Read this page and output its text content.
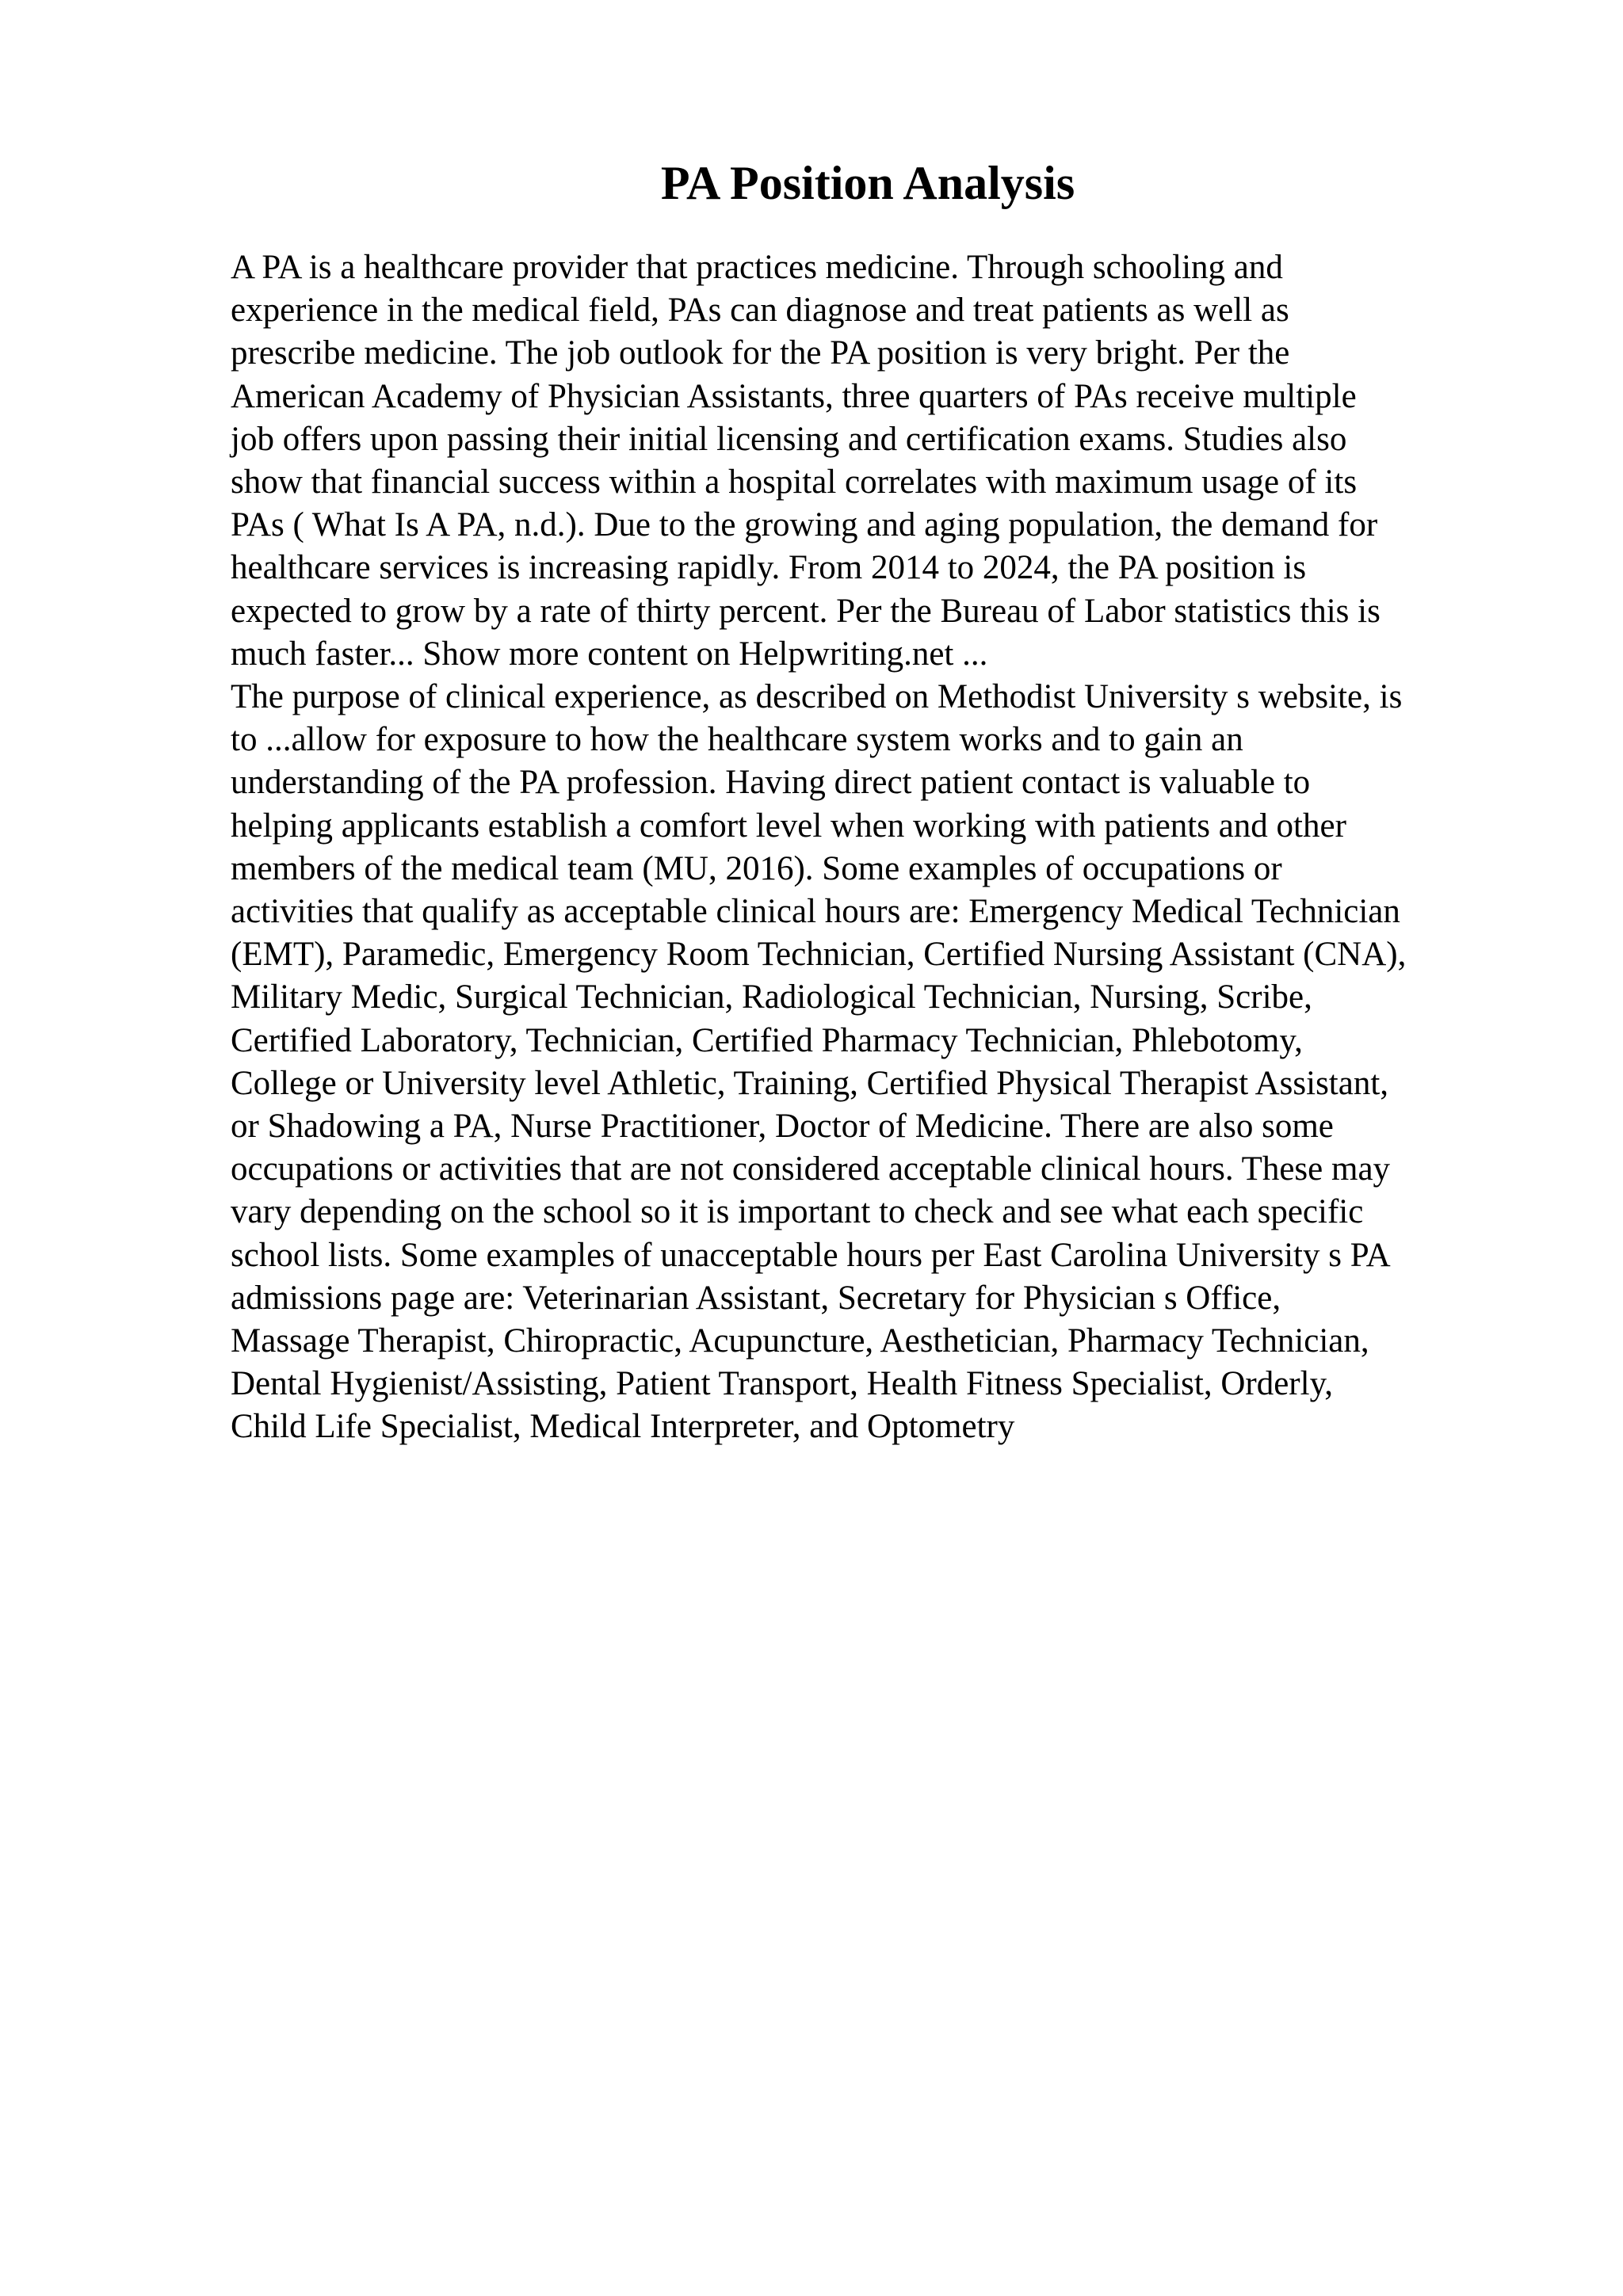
PA Position Analysis
A PA is a healthcare provider that practices medicine. Through schooling and
experience in the medical field, PAs can diagnose and treat patients as well as
prescribe medicine. The job outlook for the PA position is very bright. Per the
American Academy of Physician Assistants, three quarters of PAs receive multiple
job offers upon passing their initial licensing and certification exams. Studies also
show that financial success within a hospital correlates with maximum usage of its
PAs ( What Is A PA, n.d.). Due to the growing and aging population, the demand for
healthcare services is increasing rapidly. From 2014 to 2024, the PA position is
expected to grow by a rate of thirty percent. Per the Bureau of Labor statistics this is
much faster... Show more content on Helpwriting.net ...
The purpose of clinical experience, as described on Methodist University s website, is
to ...allow for exposure to how the healthcare system works and to gain an
understanding of the PA profession. Having direct patient contact is valuable to
helping applicants establish a comfort level when working with patients and other
members of the medical team (MU, 2016). Some examples of occupations or
activities that qualify as acceptable clinical hours are: Emergency Medical Technician
(EMT), Paramedic, Emergency Room Technician, Certified Nursing Assistant (CNA),
Military Medic, Surgical Technician, Radiological Technician, Nursing, Scribe,
Certified Laboratory, Technician, Certified Pharmacy Technician, Phlebotomy,
College or University level Athletic, Training, Certified Physical Therapist Assistant,
or Shadowing a PA, Nurse Practitioner, Doctor of Medicine. There are also some
occupations or activities that are not considered acceptable clinical hours. These may
vary depending on the school so it is important to check and see what each specific
school lists. Some examples of unacceptable hours per East Carolina University s PA
admissions page are: Veterinarian Assistant, Secretary for Physician s Office,
Massage Therapist, Chiropractic, Acupuncture, Aesthetician, Pharmacy Technician,
Dental Hygienist/Assisting, Patient Transport, Health Fitness Specialist, Orderly,
Child Life Specialist, Medical Interpreter, and Optometry
